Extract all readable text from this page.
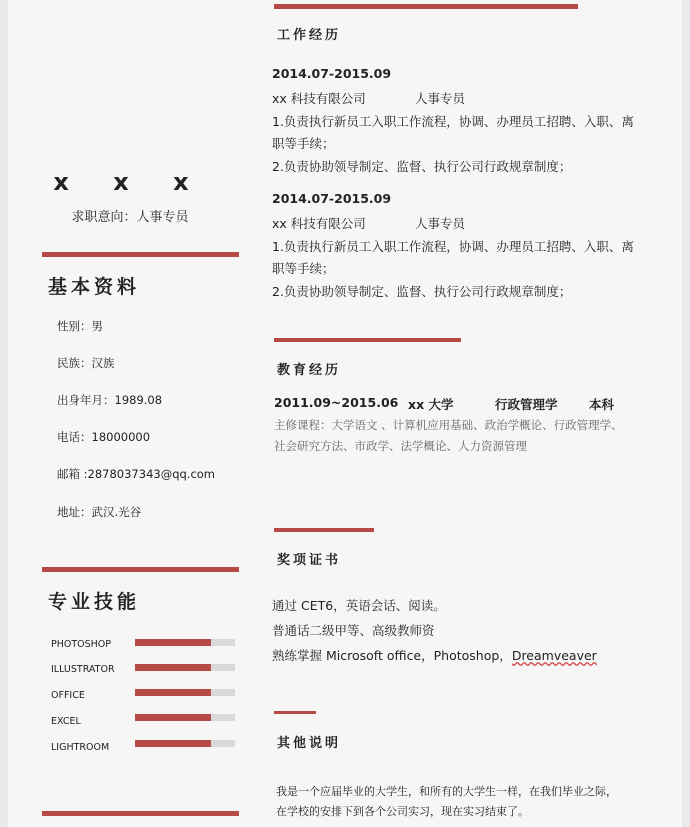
x x x
求职意向：人事专员
基本资料
性别：男
民族：汉族
出身年月：1989.08
电话：18000000
邮箱 :2878037343@qq.com
地址：武汉.光谷
专业技能
PHOTOSHOP
ILLUSTRATOR
OFFICE
EXCEL
LIGHTROOM
工作经历
2014.07-2015.09
xx 科技有限公司	人事专员
1.负责执行新员工入职工作流程，协调、办理员工招聘、入职、离
职等手续；
2.负责协助领导制定、监督、执行公司行政规章制度；
2014.07-2015.09
xx 科技有限公司	人事专员
1.负责执行新员工入职工作流程，协调、办理员工招聘、入职、离
职等手续；
2.负责协助领导制定、监督、执行公司行政规章制度；
教育经历
2011.09~2015.06 xx 大学	行政管理学	本科
主修课程：大学语文 、计算机应用基础、政治学概论、行政管理学、
社会研究方法、市政学、法学概论、人力资源管理
奖项证书
通过 CET6，英语会话、阅读。
普通话二级甲等、高级教师资
熟练掌握 Microsoft office，Photoshop，Dreamveaver
其他说明
我是一个应届毕业的大学生，和所有的大学生一样，在我们毕业之际，
在学校的安排下到各个公司实习，现在实习结束了。
